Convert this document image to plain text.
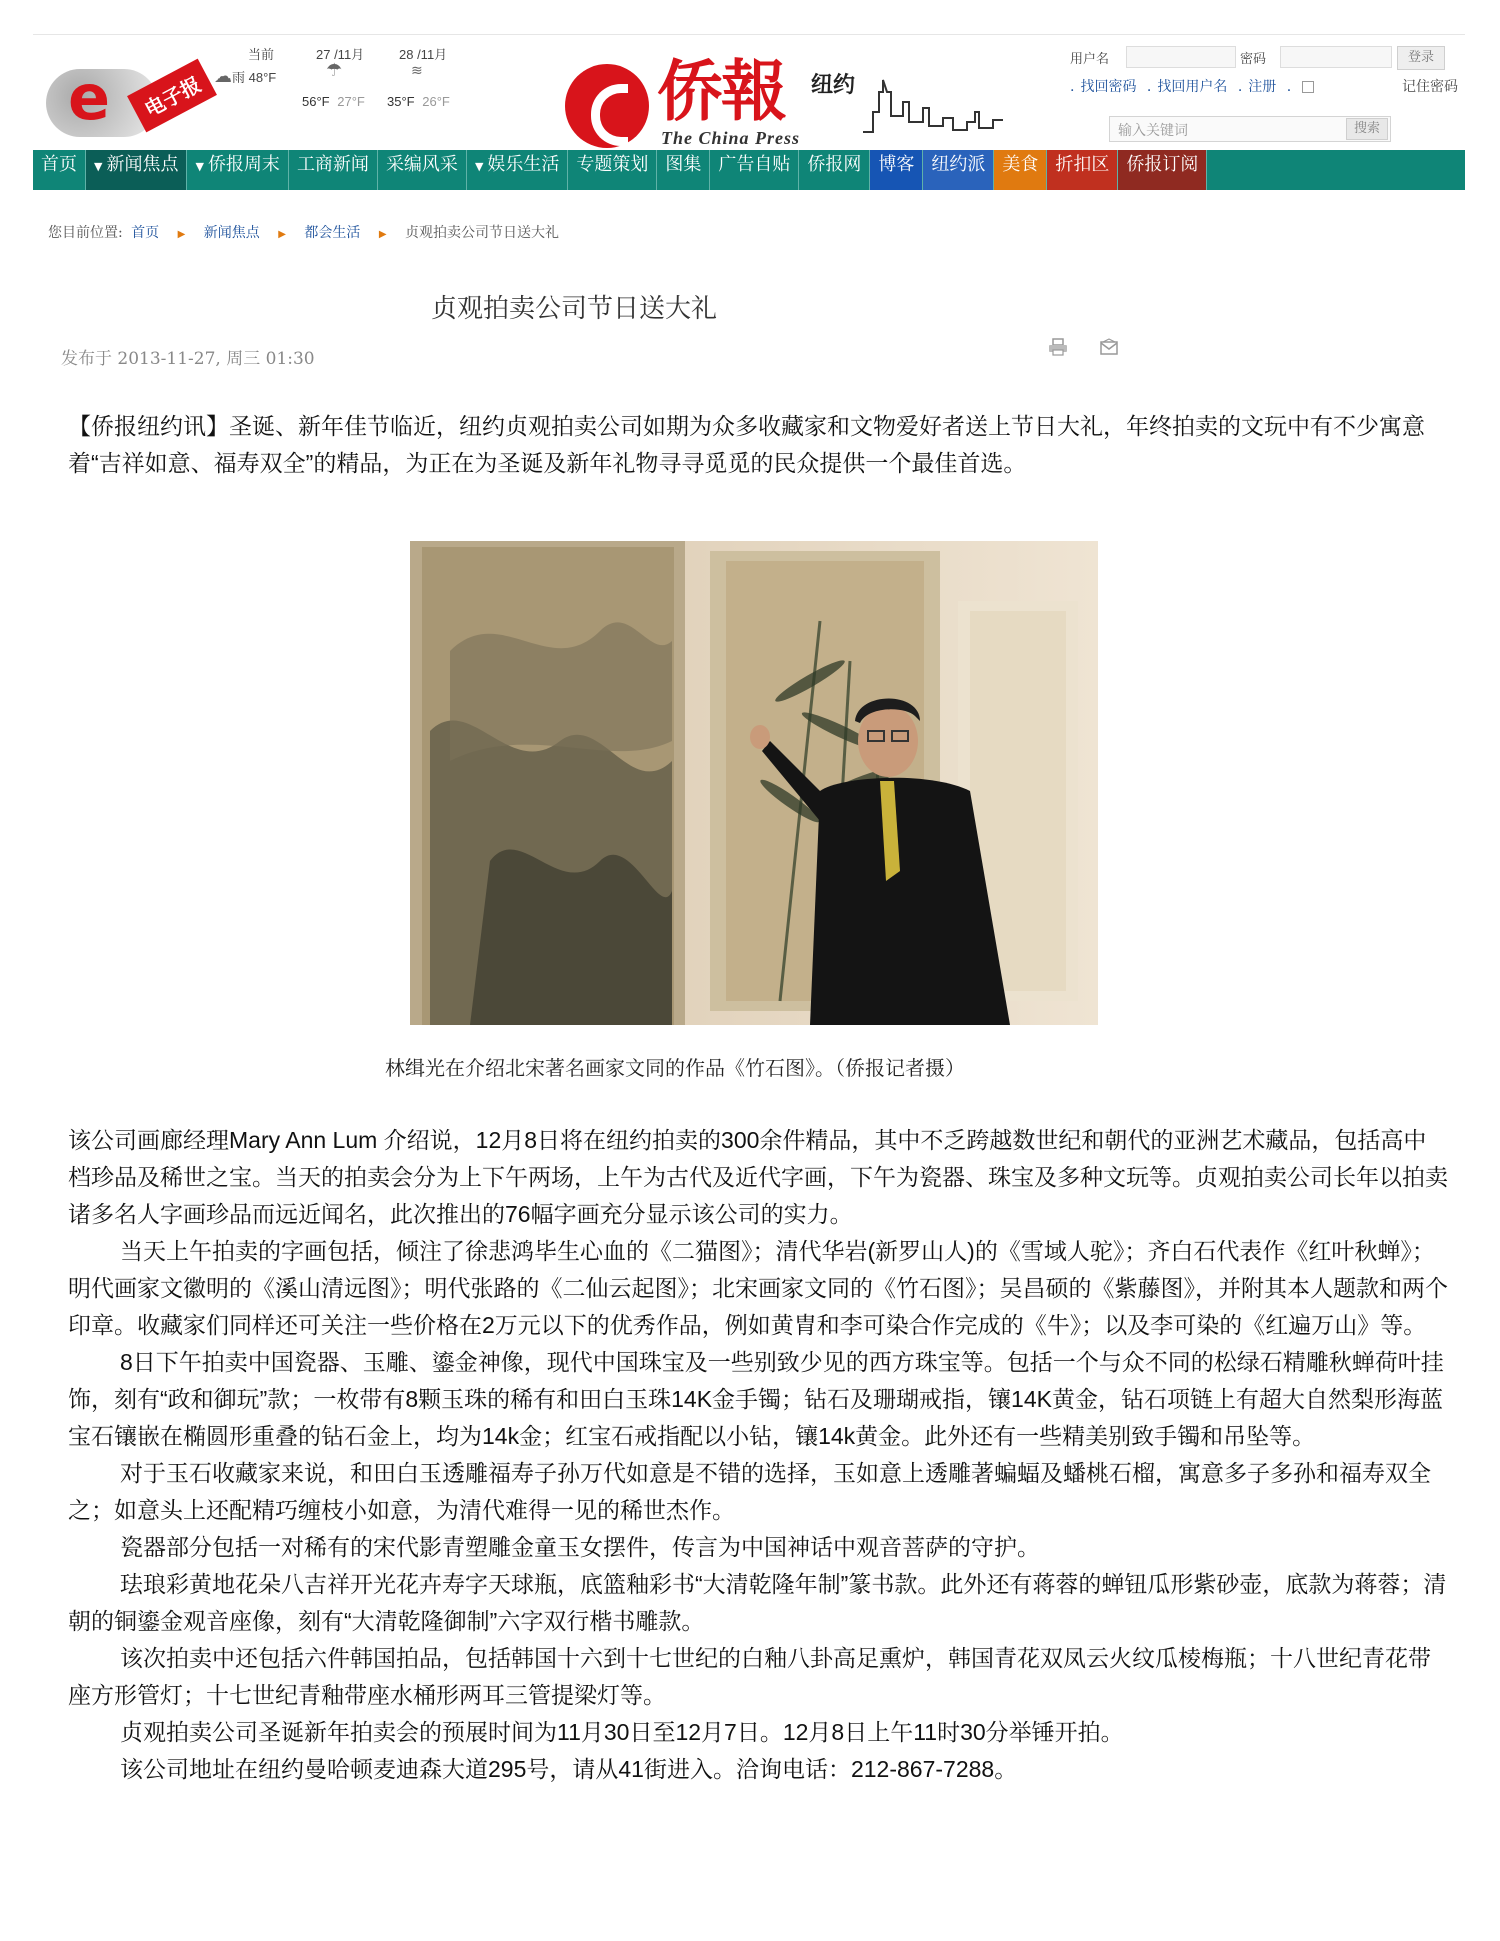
e	电子报
当前
☁雨 48°F
27 /11月
☂
56°F 27°F
28 /11月
≋
35°F 26°F	侨報 纽约
The China Press
用户名	密码	登录
. 找回密码 . 找回用户名 . 注册 .	记住密码
输入关键词	搜索
首页	▼ 新闻焦点	▼ 侨报周末 工商新闻 采编风采	▼ 娱乐生活 专题策划 图集 广告自贴 侨报网 博客 纽约派 美食 折扣区 侨报订阅
您目前位置: 首页 ▶ 新闻焦点 ▶ 都会生活 ▶ 贞观拍卖公司节日送大礼
贞观拍卖公司节日送大礼
发布于 2013-11-27, 周三 01:30

【侨报纽约讯】圣诞、新年佳节临近，纽约贞观拍卖公司如期为众多收藏家和文物爱好者送上节日大礼，年终拍卖的文玩中有不少寓意着“吉祥如意、福寿双全”的精品，为正在为圣诞及新年礼物寻寻觅觅的民众提供一个最佳首选。

林缉光在介绍北宋著名画家文同的作品《竹石图》。（侨报记者摄）

该公司画廊经理Mary Ann Lum 介绍说，12月8日将在纽约拍卖的300余件精品，其中不乏跨越数世纪和朝代的亚洲艺术藏品，包括高中档珍品及稀世之宝。当天的拍卖会分为上下午两场，上午为古代及近代字画，下午为瓷器、珠宝及多种文玩等。贞观拍卖公司长年以拍卖诸多名人字画珍品而远近闻名，此次推出的76幅字画充分显示该公司的实力。

当天上午拍卖的字画包括，倾注了徐悲鸿毕生心血的《二猫图》；清代华岩(新罗山人)的《雪域人驼》；齐白石代表作《红叶秋蝉》；明代画家文徽明的《溪山清远图》；明代张路的《二仙云起图》；北宋画家文同的《竹石图》；吴昌硕的《紫藤图》，并附其本人题款和两个印章。收藏家们同样还可关注一些价格在2万元以下的优秀作品，例如黄胄和李可染合作完成的《牛》；以及李可染的《红遍万山》等。

8日下午拍卖中国瓷器、玉雕、鎏金神像，现代中国珠宝及一些别致少见的西方珠宝等。包括一个与众不同的松绿石精雕秋蝉荷叶挂饰，刻有“政和御玩”款；一枚带有8颗玉珠的稀有和田白玉珠14K金手镯；钻石及珊瑚戒指，镶14K黄金，钻石项链上有超大自然梨形海蓝宝石镶嵌在椭圆形重叠的钻石金上，均为14k金；红宝石戒指配以小钻，镶14k黄金。此外还有一些精美别致手镯和吊坠等。

对于玉石收藏家来说，和田白玉透雕福寿子孙万代如意是不错的选择，玉如意上透雕著蝙蝠及蟠桃石榴，寓意多子多孙和福寿双全之；如意头上还配精巧缠枝小如意，为清代难得一见的稀世杰作。

瓷器部分包括一对稀有的宋代影青塑雕金童玉女摆件，传言为中国神话中观音菩萨的守护。

珐琅彩黄地花朵八吉祥开光花卉寿字天球瓶，底篮釉彩书“大清乾隆年制”篆书款。此外还有蒋蓉的蝉钮瓜形紫砂壶，底款为蒋蓉；清朝的铜鎏金观音座像，刻有“大清乾隆御制”六字双行楷书雕款。

该次拍卖中还包括六件韩国拍品，包括韩国十六到十七世纪的白釉八卦高足熏炉，韩国青花双凤云火纹瓜棱梅瓶；十八世纪青花带座方形管灯；十七世纪青釉带座水桶形两耳三管提梁灯等。

贞观拍卖公司圣诞新年拍卖会的预展时间为11月30日至12月7日。12月8日上午11时30分举锤开拍。

该公司地址在纽约曼哈顿麦迪森大道295号，请从41街进入。洽询电话：212-867-7288。
